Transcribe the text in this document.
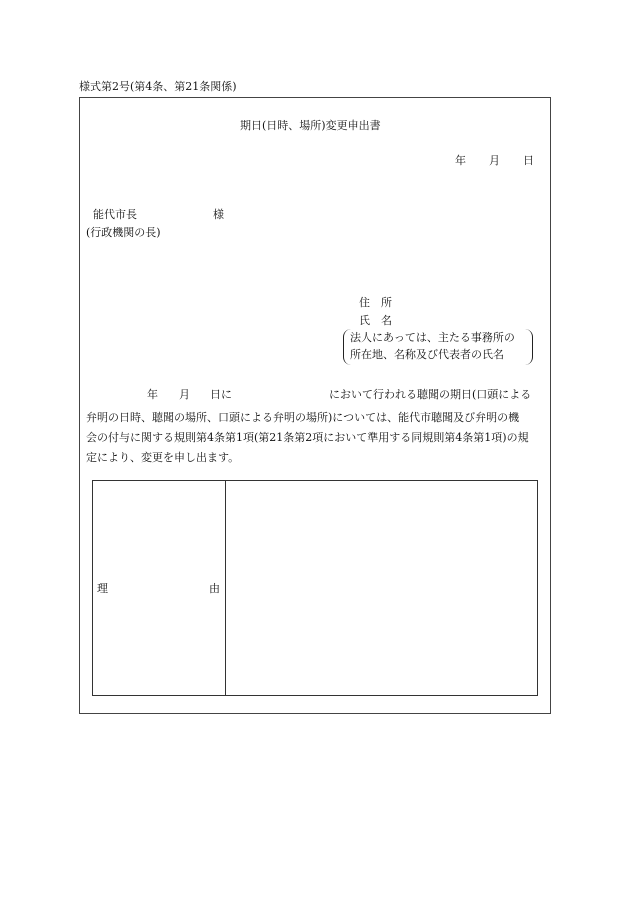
様式第2号(第4条、第21条関係)
期日(日時、場所)変更申出書
年 月 日
能代市長	様
(行政機関の長)
住　所
氏　名
法人にあっては、主たる事務所の
所在地、名称及び代表者の氏名
年 月 日に	において行われる聴聞の期日(口頭による
弁明の日時、聴聞の場所、口頭による弁明の場所)については、能代市聴聞及び弁明の機
会の付与に関する規則第4条第1項(第21条第2項において準用する同規則第4条第1項)の規
定により、変更を申し出ます。
理	由
